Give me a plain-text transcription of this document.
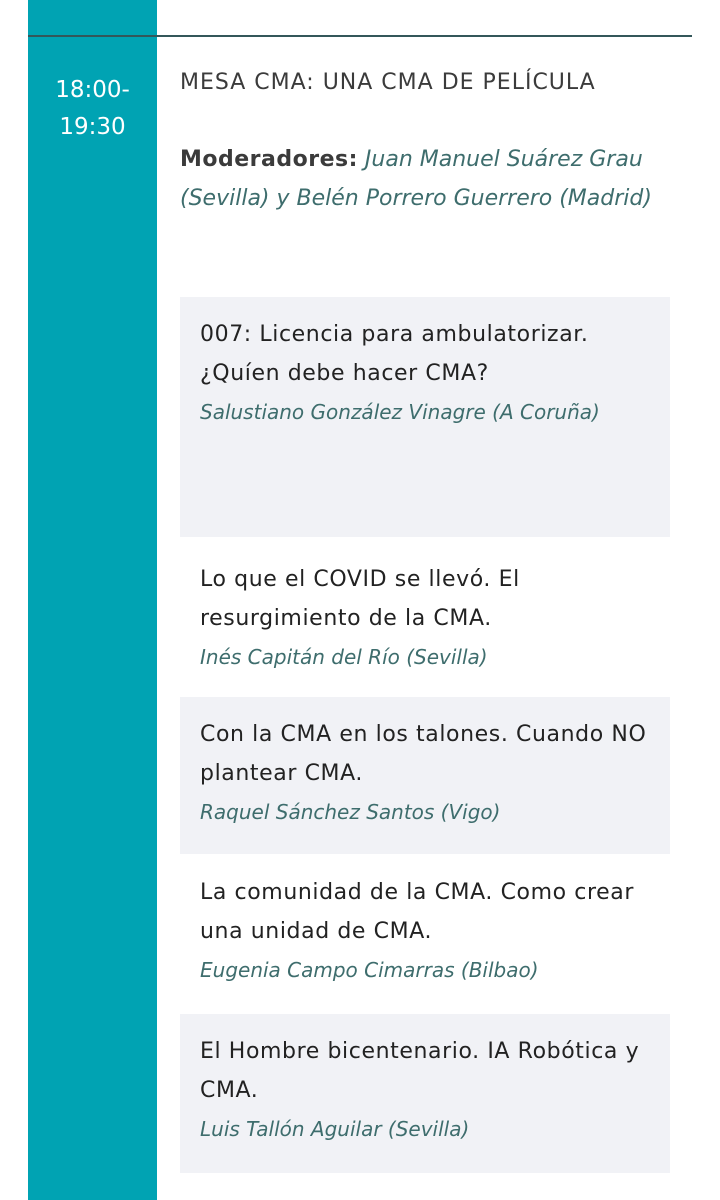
18:00-
19:30
MESA CMA: UNA CMA DE PELÍCULA
Moderadores: Juan Manuel Suárez Grau (Sevilla) y Belén Porrero Guerrero (Madrid)
007: Licencia para ambulatorizar. ¿Quíen debe hacer CMA?
Salustiano González Vinagre (A Coruña)
Lo que el COVID se llevó. El resurgimiento de la CMA.
Inés Capitán del Río (Sevilla)
Con la CMA en los talones. Cuando NO plantear CMA.
Raquel Sánchez Santos (Vigo)
La comunidad de la CMA. Como crear una unidad de CMA.
Eugenia Campo Cimarras (Bilbao)
El Hombre bicentenario. IA Robótica y CMA.
Luis Tallón Aguilar (Sevilla)
